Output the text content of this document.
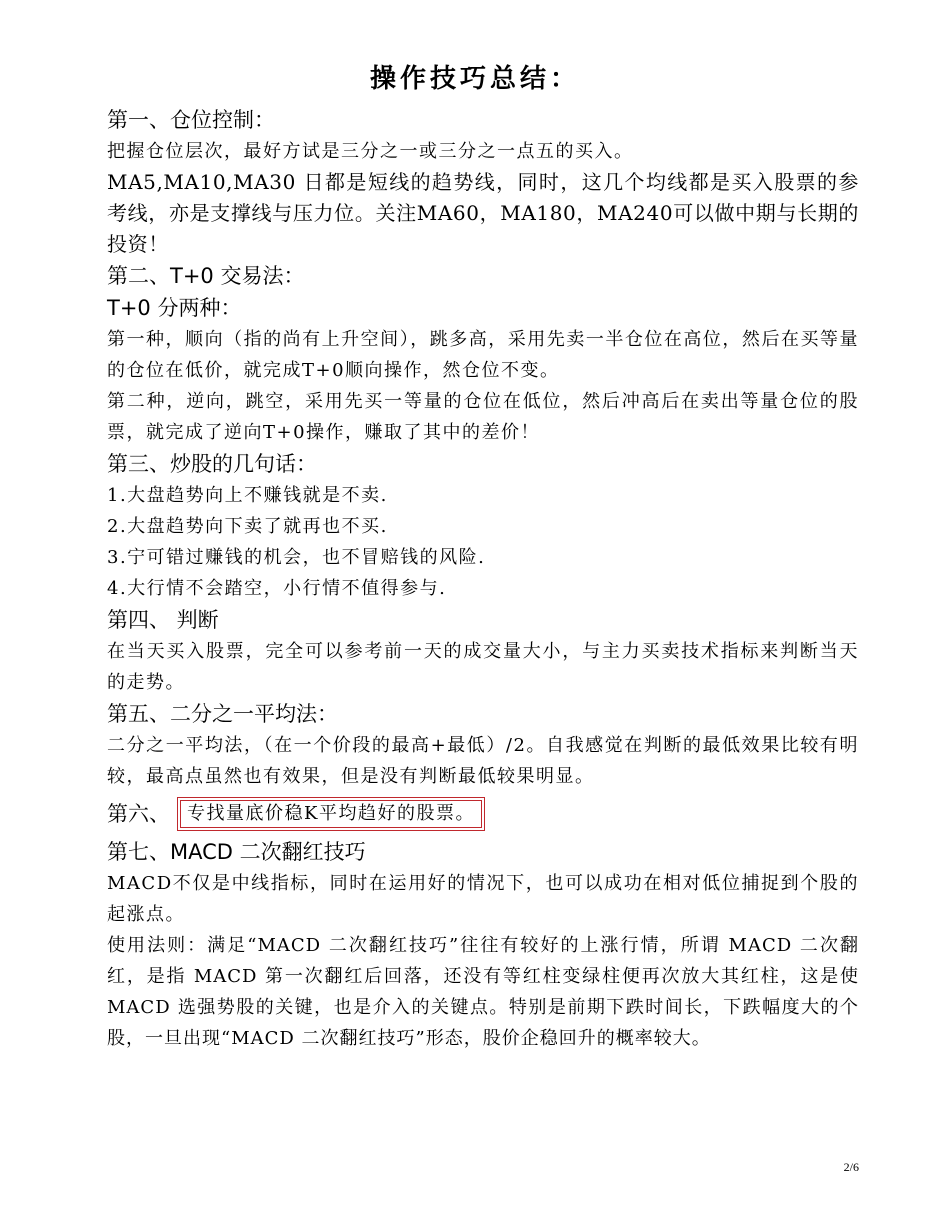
操作技巧总结：
第一、仓位控制：

把握仓位层次，最好方试是三分之一或三分之一点五的买入。

MA5,MA10,MA30 日都是短线的趋势线，同时，这几个均线都是买入股票的参考线，亦是支撑线与压力位。关注MA60，MA180，MA240可以做中期与长期的投资！

第二、T+0 交易法：
T+0 分两种：

第一种，顺向（指的尚有上升空间），跳多高，采用先卖一半仓位在高位，然后在买等量的仓位在低价，就完成T+0顺向操作，然仓位不变。

第二种，逆向，跳空，采用先买一等量的仓位在低位，然后冲高后在卖出等量仓位的股票，就完成了逆向T+0操作，赚取了其中的差价！

第三、炒股的几句话：

1.大盘趋势向上不赚钱就是不卖.

2.大盘趋势向下卖了就再也不买.

3.宁可错过赚钱的机会，也不冒赔钱的风险.

4.大行情不会踏空，小行情不值得参与.

第四、 判断

在当天买入股票，完全可以参考前一天的成交量大小，与主力买卖技术指标来判断当天的走势。

第五、二分之一平均法：

二分之一平均法，（在一个价段的最高+最低）/2。自我感觉在判断的最低效果比较有明较，最高点虽然也有效果，但是没有判断最低较果明显。

第六、 专找量底价稳K平均趋好的股票。
第七、MACD 二次翻红技巧

MACD不仅是中线指标，同时在运用好的情况下，也可以成功在相对低位捕捉到个股的起涨点。

使用法则：满足“MACD 二次翻红技巧”往往有较好的上涨行情，所谓 MACD 二次翻红，是指 MACD 第一次翻红后回落，还没有等红柱变绿柱便再次放大其红柱，这是使 MACD 选强势股的关键，也是介入的关键点。特别是前期下跌时间长，下跌幅度大的个股，一旦出现“MACD 二次翻红技巧”形态，股价企稳回升的概率较大。

2/6
